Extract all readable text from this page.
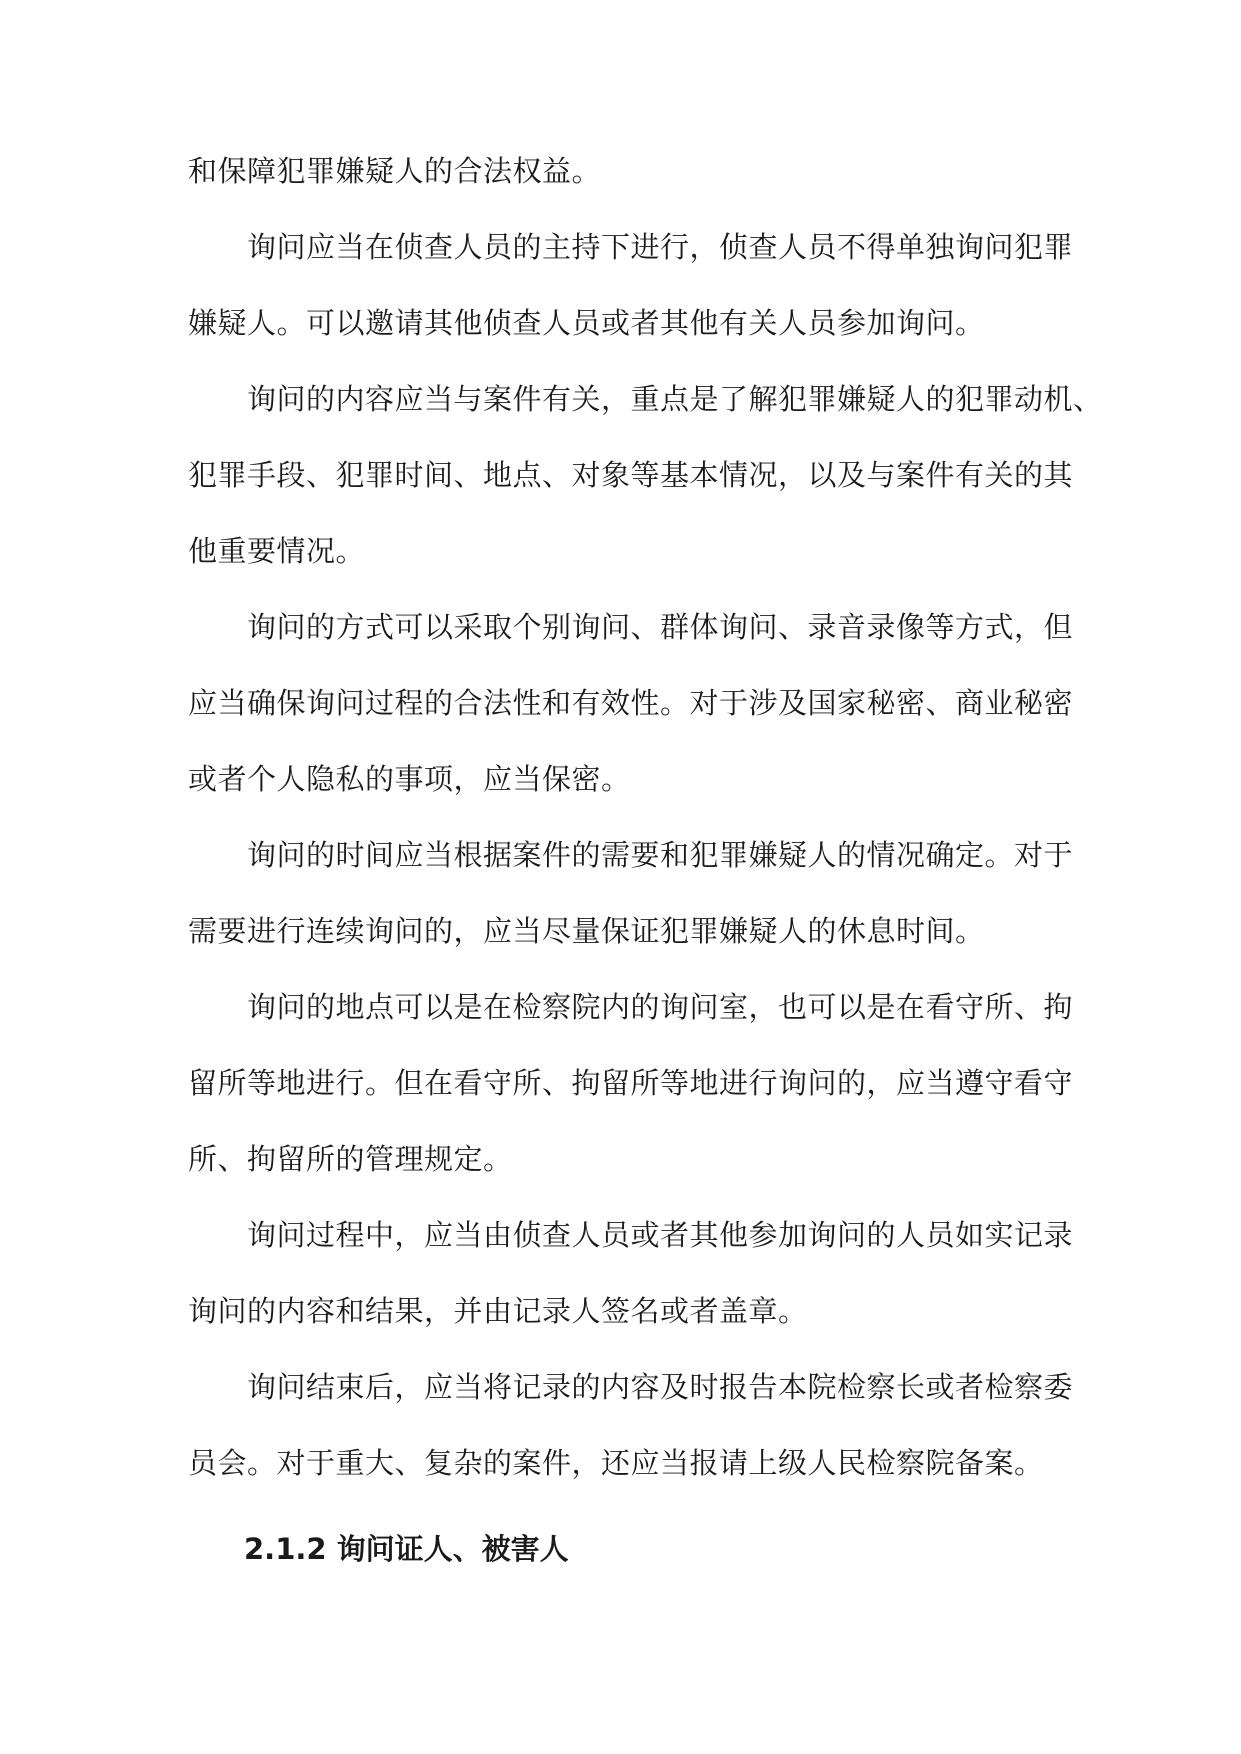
和保障犯罪嫌疑人的合法权益。
询问应当在侦查人员的主持下进行，侦查人员不得单独询问犯罪
嫌疑人。可以邀请其他侦查人员或者其他有关人员参加询问。
询问的内容应当与案件有关，重点是了解犯罪嫌疑人的犯罪动机、
犯罪手段、犯罪时间、地点、对象等基本情况，以及与案件有关的其
他重要情况。
询问的方式可以采取个别询问、群体询问、录音录像等方式，但
应当确保询问过程的合法性和有效性。对于涉及国家秘密、商业秘密
或者个人隐私的事项，应当保密。
询问的时间应当根据案件的需要和犯罪嫌疑人的情况确定。对于
需要进行连续询问的，应当尽量保证犯罪嫌疑人的休息时间。
询问的地点可以是在检察院内的询问室，也可以是在看守所、拘
留所等地进行。但在看守所、拘留所等地进行询问的，应当遵守看守
所、拘留所的管理规定。
询问过程中，应当由侦查人员或者其他参加询问的人员如实记录
询问的内容和结果，并由记录人签名或者盖章。
询问结束后，应当将记录的内容及时报告本院检察长或者检察委
员会。对于重大、复杂的案件，还应当报请上级人民检察院备案。
2.1.2 询问证人、被害人
